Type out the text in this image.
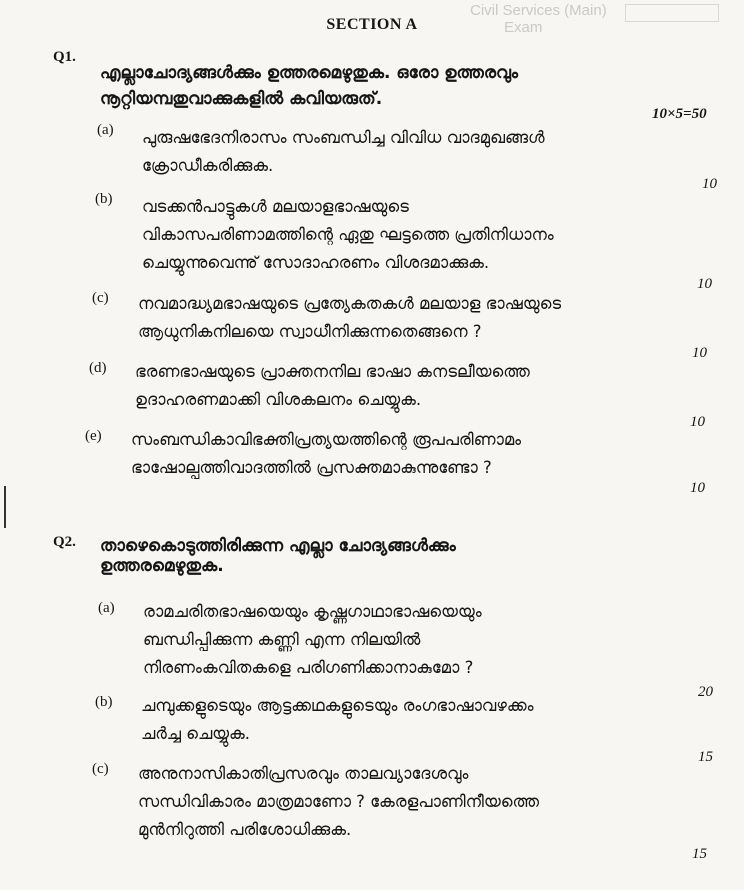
Civil Services (Main)
Exam
SECTION A
Q1.
എല്ലാചോദ്യങ്ങൾക്കും ഉത്തരമെഴുതുക. ഒരോ ഉത്തരവും
നൂറ്റിയമ്പതുവാക്കുകളിൽ കവിയരുത്.
10×5=50
(a) പുരുഷഭേദനിരാസം സംബന്ധിച്ച വിവിധ വാദമുഖങ്ങൾ
ക്രോഡീകരിക്കുക.
10
(b) വടക്കൻപാട്ടുകൾ മലയാളഭാഷയുടെ
വികാസപരിണാമത്തിന്റെ ഏതു ഘട്ടത്തെ പ്രതിനിധാനം
ചെയ്യുന്നുവെന്നു് സോദാഹരണം വിശദമാക്കുക.
10
(c) നവമാദ്ധ്യമഭാഷയുടെ പ്രത്യേകതകൾ മലയാള ഭാഷയുടെ
ആധുനികനിലയെ സ്വാധീനിക്കുന്നതെങ്ങനെ ?
10
(d) ഭരണഭാഷയുടെ പ്രാക്തനനില ഭാഷാ കനടലീയത്തെ
ഉദാഹരണമാക്കി വിശകലനം ചെയ്യുക.
10
(e) സംബന്ധികാവിഭക്തിപ്രത്യയത്തിന്റെ രൂപപരിണാമം
ഭാഷോല്പത്തിവാദത്തിൽ പ്രസക്തമാകുന്നുണ്ടോ ?
10
Q2. താഴെകൊടുത്തിരിക്കുന്ന എല്ലാ ചോദ്യങ്ങൾക്കും
ഉത്തരമെഴുതുക.
(a) രാമചരിതഭാഷയെയും കൃഷ്ണഗാഥാഭാഷയെയും
ബന്ധിപ്പിക്കുന്ന കണ്ണി എന്ന നിലയിൽ
നിരണംകവിതകളെ പരിഗണിക്കാനാകുമോ ?
20
(b) ചമ്പുക്കളുടെയും ആട്ടക്കഥകളുടെയും രംഗഭാഷാവഴക്കം
ചർച്ച ചെയ്യുക.
15
(c) അനുനാസികാതിപ്രസരവും താലവ്യാദേശവും
സന്ധിവികാരം മാത്രമാണോ ? കേരളപാണിനീയത്തെ
മുൻനിറുത്തി പരിശോധിക്കുക.
15
